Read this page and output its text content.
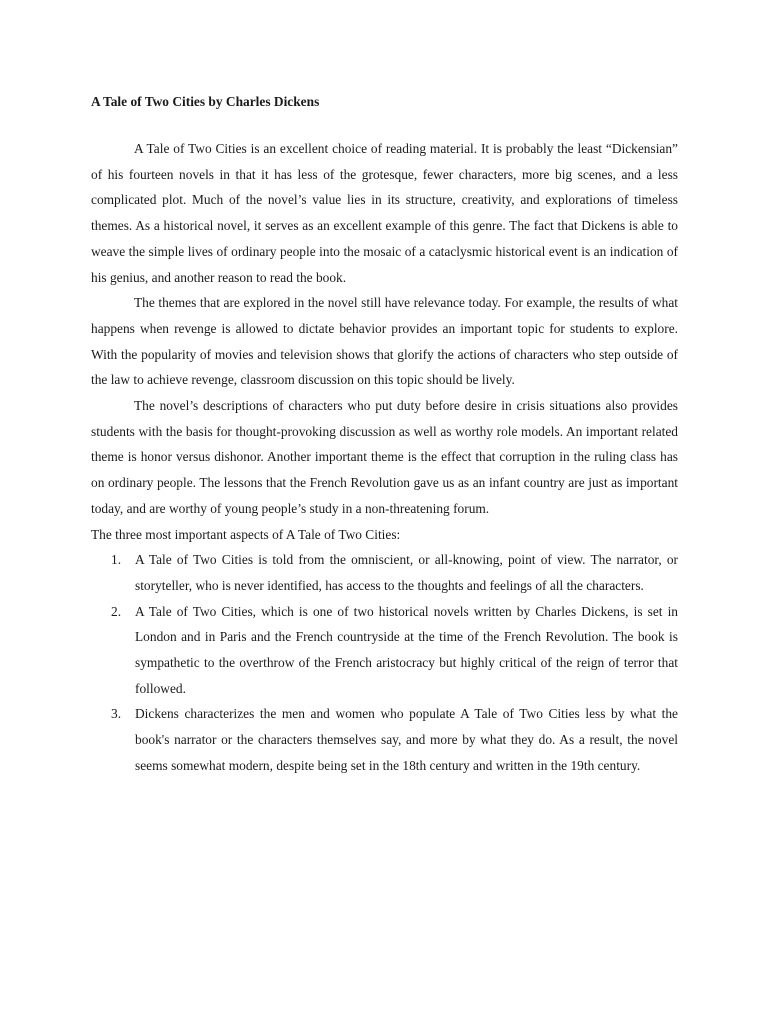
A Tale of Two Cities by Charles Dickens

A Tale of Two Cities is an excellent choice of reading material. It is probably the least “Dickensian” of his fourteen novels in that it has less of the grotesque, fewer characters, more big scenes, and a less complicated plot. Much of the novel’s value lies in its structure, creativity, and explorations of timeless themes. As a historical novel, it serves as an excellent example of this genre. The fact that Dickens is able to weave the simple lives of ordinary people into the mosaic of a cataclysmic historical event is an indication of his genius, and another reason to read the book.

The themes that are explored in the novel still have relevance today. For example, the results of what happens when revenge is allowed to dictate behavior provides an important topic for students to explore. With the popularity of movies and television shows that glorify the actions of characters who step outside of the law to achieve revenge, classroom discussion on this topic should be lively.

The novel’s descriptions of characters who put duty before desire in crisis situations also provides students with the basis for thought-provoking discussion as well as worthy role models. An important related theme is honor versus dishonor. Another important theme is the effect that corruption in the ruling class has on ordinary people. The lessons that the French Revolution gave us as an infant country are just as important today, and are worthy of young people’s study in a non-threatening forum.

The three most important aspects of A Tale of Two Cities:

1. A Tale of Two Cities is told from the omniscient, or all-knowing, point of view. The narrator, or storyteller, who is never identified, has access to the thoughts and feelings of all the characters.
2. A Tale of Two Cities, which is one of two historical novels written by Charles Dickens, is set in London and in Paris and the French countryside at the time of the French Revolution. The book is sympathetic to the overthrow of the French aristocracy but highly critical of the reign of terror that followed.
3. Dickens characterizes the men and women who populate A Tale of Two Cities less by what the book's narrator or the characters themselves say, and more by what they do. As a result, the novel seems somewhat modern, despite being set in the 18th century and written in the 19th century.
